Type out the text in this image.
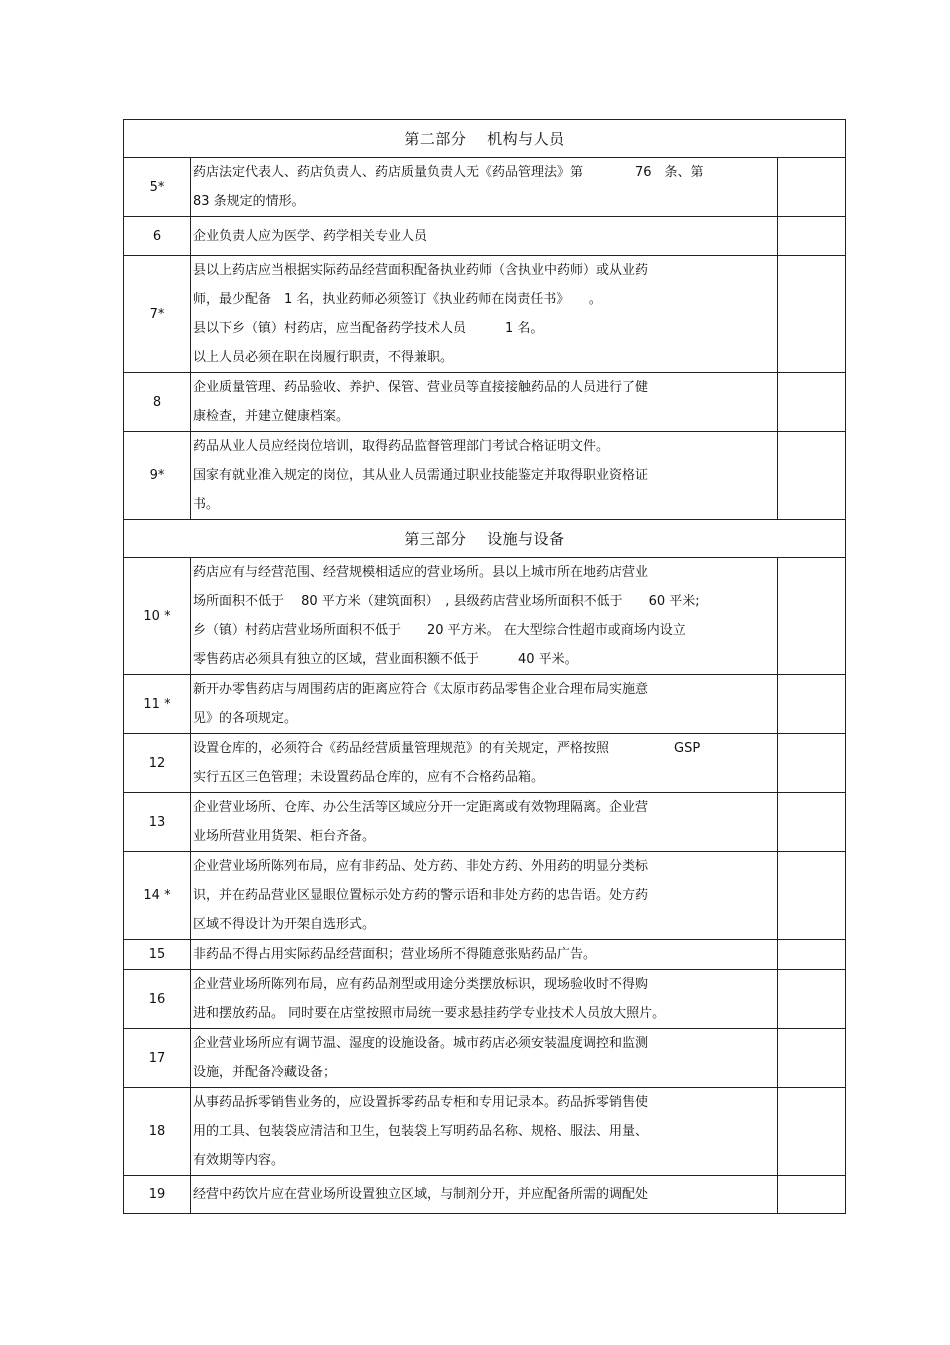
第二部分　 机构与人员		
5*	药店法定代表人、药店负责人、药店质量负责人无《药品管理法》第　　　　76　条、第
83 条规定的情形。	

6	企业负责人应为医学、药学相关专业人员	

7*	县以上药店应当根据实际药品经营面积配备执业药师（含执业中药师）或从业药
师，最少配备　1 名，执业药师必须签订《执业药师在岗责任书》　　。
县以下乡（镇）村药店，应当配备药学技术人员　　　1 名。
以上人员必须在职在岗履行职责，不得兼职。	

8	企业质量管理、药品验收、养护、保管、营业员等直接接触药品的人员进行了健
康检查，并建立健康档案。	

9*	药品从业人员应经岗位培训，取得药品监督管理部门考试合格证明文件。
国家有就业准入规定的岗位，其从业人员需通过职业技能鉴定并取得职业资格证
书。	

第三部分　 设施与设备		
10 *	药店应有与经营范围、经营规模相适应的营业场所。县以上城市所在地药店营业
场所面积不低于　 80 平方米（建筑面积）　, 县级药店营业场所面积不低于　　60 平米;
乡（镇）村药店营业场所面积不低于　　20 平方米。 在大型综合性超市或商场内设立
零售药店必须具有独立的区域，营业面积额不低于　　　40 平米。	

11 *	新开办零售药店与周围药店的距离应符合《太原市药品零售企业合理布局实施意
见》的各项规定。	

12	设置仓库的，必须符合《药品经营质量管理规范》的有关规定，严格按照　　　　　GSP
实行五区三色管理；未设置药品仓库的，应有不合格药品箱。	

13	企业营业场所、仓库、办公生活等区域应分开一定距离或有效物理隔离。企业营
业场所营业用货架、柜台齐备。	

14 *	企业营业场所陈列布局，应有非药品、处方药、非处方药、外用药的明显分类标
识，并在药品营业区显眼位置标示处方药的警示语和非处方药的忠告语。处方药
区域不得设计为开架自选形式。	

15	非药品不得占用实际药品经营面积；营业场所不得随意张贴药品广告。	

16	企业营业场所陈列布局，应有药品剂型或用途分类摆放标识，现场验收时不得购
进和摆放药品。 同时要在店堂按照市局统一要求悬挂药学专业技术人员放大照片。	

17	企业营业场所应有调节温、湿度的设施设备。城市药店必须安装温度调控和监测
设施，并配备冷藏设备；	

18	从事药品拆零销售业务的，应设置拆零药品专柜和专用记录本。药品拆零销售使
用的工具、包装袋应清洁和卫生，包装袋上写明药品名称、规格、服法、用量、
有效期等内容。	

19	经营中药饮片应在营业场所设置独立区域，与制剂分开，并应配备所需的调配处	
